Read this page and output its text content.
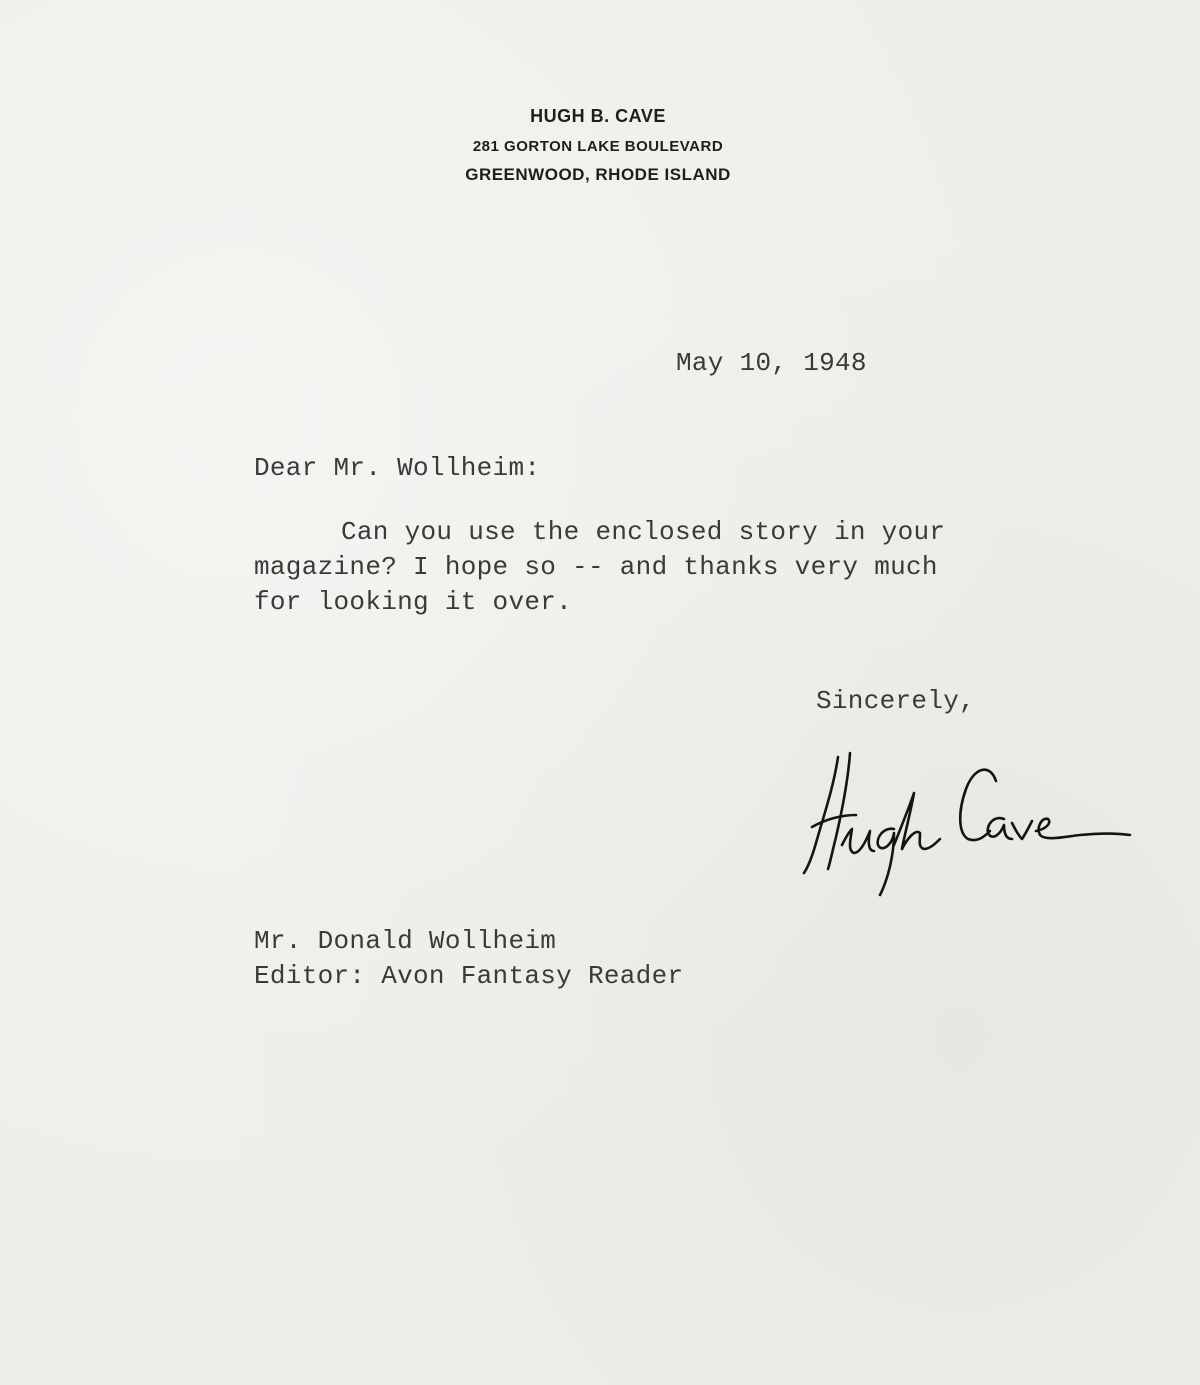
HUGH B. CAVE
281 GORTON LAKE BOULEVARD
GREENWOOD, RHODE ISLAND
May 10, 1948
Dear Mr. Wollheim:
Can you use the enclosed story in your
magazine? I hope so -- and thanks very much
for looking it over.
Sincerely,
Mr. Donald Wollheim
Editor: Avon Fantasy Reader
